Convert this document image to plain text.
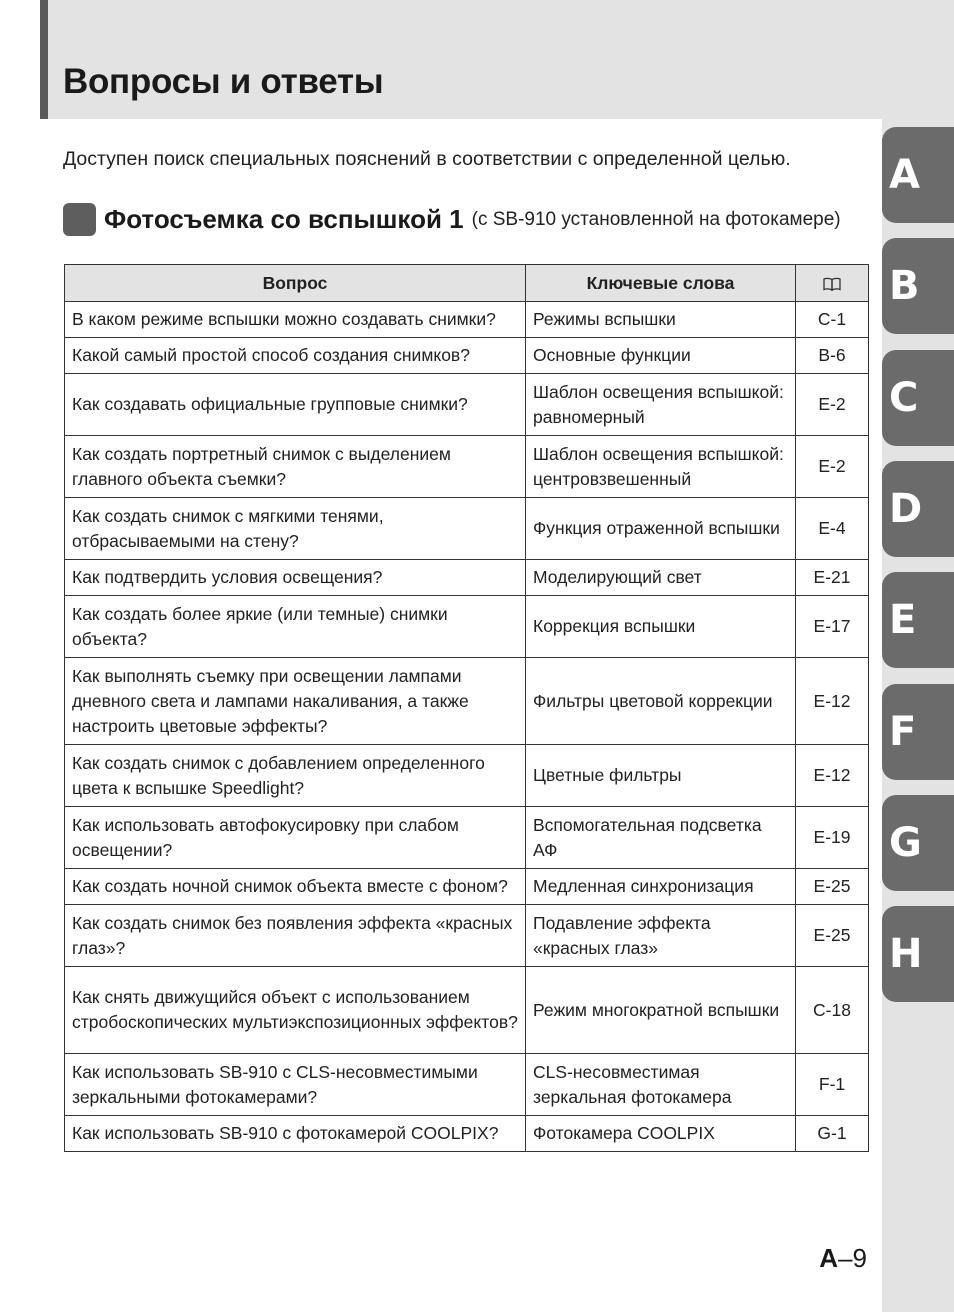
Вопросы и ответы
A
B
C
D
E
F
G
H

Доступен поиск специальных пояснений в соответствии с определенной целью.

Фотосъемка со вспышкой 1 (с SB-910 установленной на фотокамере)
Вопрос	Ключевые слова	
В каком режиме вспышки можно создавать снимки?	Режимы вспышки	C-1
Какой самый простой способ создания снимков?	Основные функции	B-6
Как создавать официальные групповые снимки?	Шаблон освещения вспышкой: равномерный	E-2
Как создать портретный снимок с выделением главного объекта съемки?	Шаблон освещения вспышкой: центровзвешенный	E-2
Как создать снимок с мягкими тенями, отбрасываемыми на стену?	Функция отраженной вспышки	E-4
Как подтвердить условия освещения?	Моделирующий свет	E-21
Как создать более яркие (или темные) снимки объекта?	Коррекция вспышки	E-17
Как выполнять съемку при освещении лампами дневного света и лампами накаливания, а также настроить цветовые эффекты?	Фильтры цветовой коррекции	E-12
Как создать снимок с добавлением определенного цвета к вспышке Speedlight?	Цветные фильтры	E-12
Как использовать автофокусировку при слабом освещении?	Вспомогательная подсветка АФ	E-19
Как создать ночной снимок объекта вместе с фоном?	Медленная синхронизация	E-25
Как создать снимок без появления эффекта «красных глаз»?	Подавление эффекта «красных глаз»	E-25
Как снять движущийся объект с использованием стробоскопических мультиэкспозиционных эффектов?	Режим многократной вспышки	C-18
Как использовать SB-910 с CLS-несовместимыми зеркальными фотокамерами?	CLS-несовместимая зеркальная фотокамера	F-1
Как использовать SB-910 с фотокамерой COOLPIX?	Фотокамера COOLPIX	G-1
A–9
